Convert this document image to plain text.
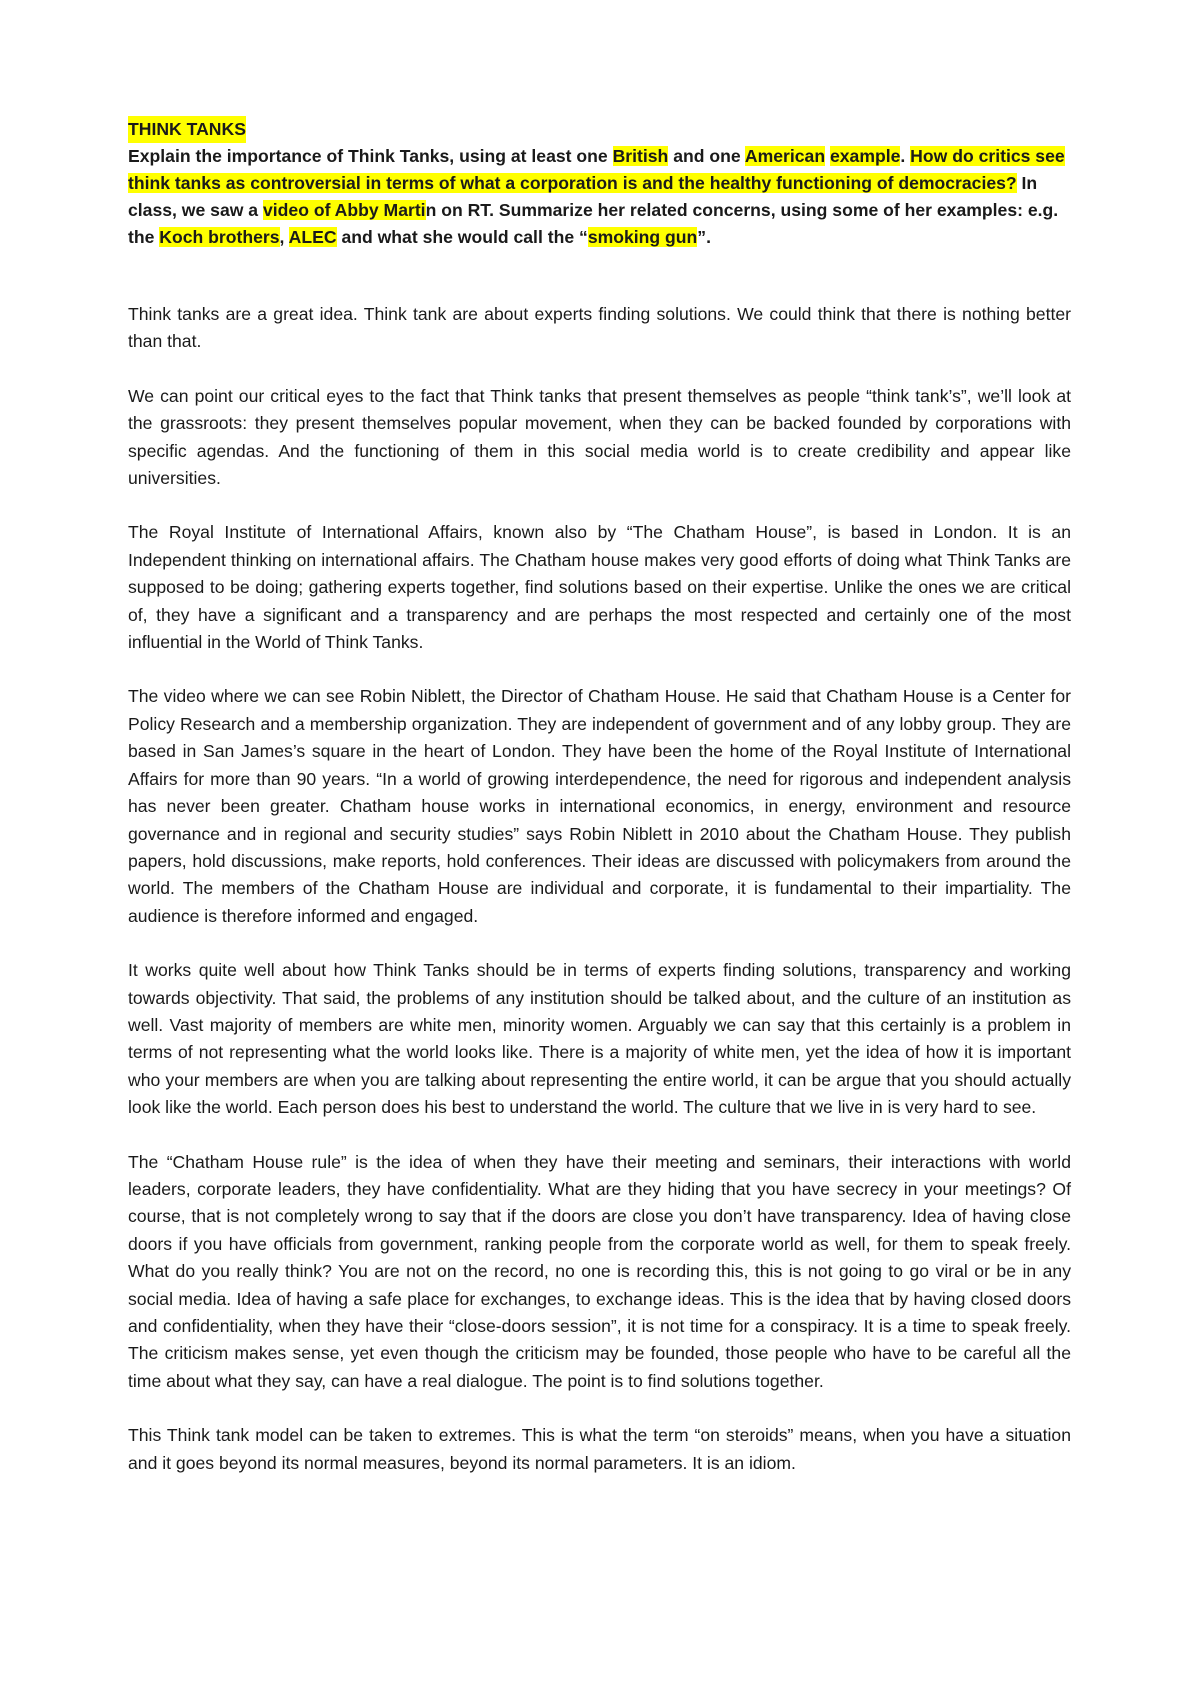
THINK TANKS

Explain the importance of Think Tanks, using at least one British and one American example. How do critics see think tanks as controversial in terms of what a corporation is and the healthy functioning of democracies? In class, we saw a video of Abby Martin on RT. Summarize her related concerns, using some of her examples: e.g. the Koch brothers, ALEC and what she would call the “smoking gun”.

Think tanks are a great idea. Think tank are about experts finding solutions. We could think that there is nothing better than that.

We can point our critical eyes to the fact that Think tanks that present themselves as people “think tank’s”, we’ll look at the grassroots: they present themselves popular movement, when they can be backed founded by corporations with specific agendas. And the functioning of them in this social media world is to create credibility and appear like universities.

The Royal Institute of International Affairs, known also by “The Chatham House”, is based in London. It is an Independent thinking on international affairs. The Chatham house makes very good efforts of doing what Think Tanks are supposed to be doing; gathering experts together, find solutions based on their expertise. Unlike the ones we are critical of, they have a significant and a transparency and are perhaps the most respected and certainly one of the most influential in the World of Think Tanks.

The video where we can see Robin Niblett, the Director of Chatham House. He said that Chatham House is a Center for Policy Research and a membership organization. They are independent of government and of any lobby group. They are based in San James’s square in the heart of London. They have been the home of the Royal Institute of International Affairs for more than 90 years. “In a world of growing interdependence, the need for rigorous and independent analysis has never been greater. Chatham house works in international economics, in energy, environment and resource governance and in regional and security studies” says Robin Niblett in 2010 about the Chatham House. They publish papers, hold discussions, make reports, hold conferences. Their ideas are discussed with policymakers from around the world. The members of the Chatham House are individual and corporate, it is fundamental to their impartiality. The audience is therefore informed and engaged.

It works quite well about how Think Tanks should be in terms of experts finding solutions, transparency and working towards objectivity. That said, the problems of any institution should be talked about, and the culture of an institution as well. Vast majority of members are white men, minority women. Arguably we can say that this certainly is a problem in terms of not representing what the world looks like. There is a majority of white men, yet the idea of how it is important who your members are when you are talking about representing the entire world, it can be argue that you should actually look like the world. Each person does his best to understand the world. The culture that we live in is very hard to see.

The “Chatham House rule” is the idea of when they have their meeting and seminars, their interactions with world leaders, corporate leaders, they have confidentiality. What are they hiding that you have secrecy in your meetings? Of course, that is not completely wrong to say that if the doors are close you don’t have transparency. Idea of having close doors if you have officials from government, ranking people from the corporate world as well, for them to speak freely. What do you really think? You are not on the record, no one is recording this, this is not going to go viral or be in any social media. Idea of having a safe place for exchanges, to exchange ideas. This is the idea that by having closed doors and confidentiality, when they have their “close-doors session”, it is not time for a conspiracy. It is a time to speak freely. The criticism makes sense, yet even though the criticism may be founded, those people who have to be careful all the time about what they say, can have a real dialogue. The point is to find solutions together.

This Think tank model can be taken to extremes. This is what the term “on steroids” means, when you have a situation and it goes beyond its normal measures, beyond its normal parameters. It is an idiom.
